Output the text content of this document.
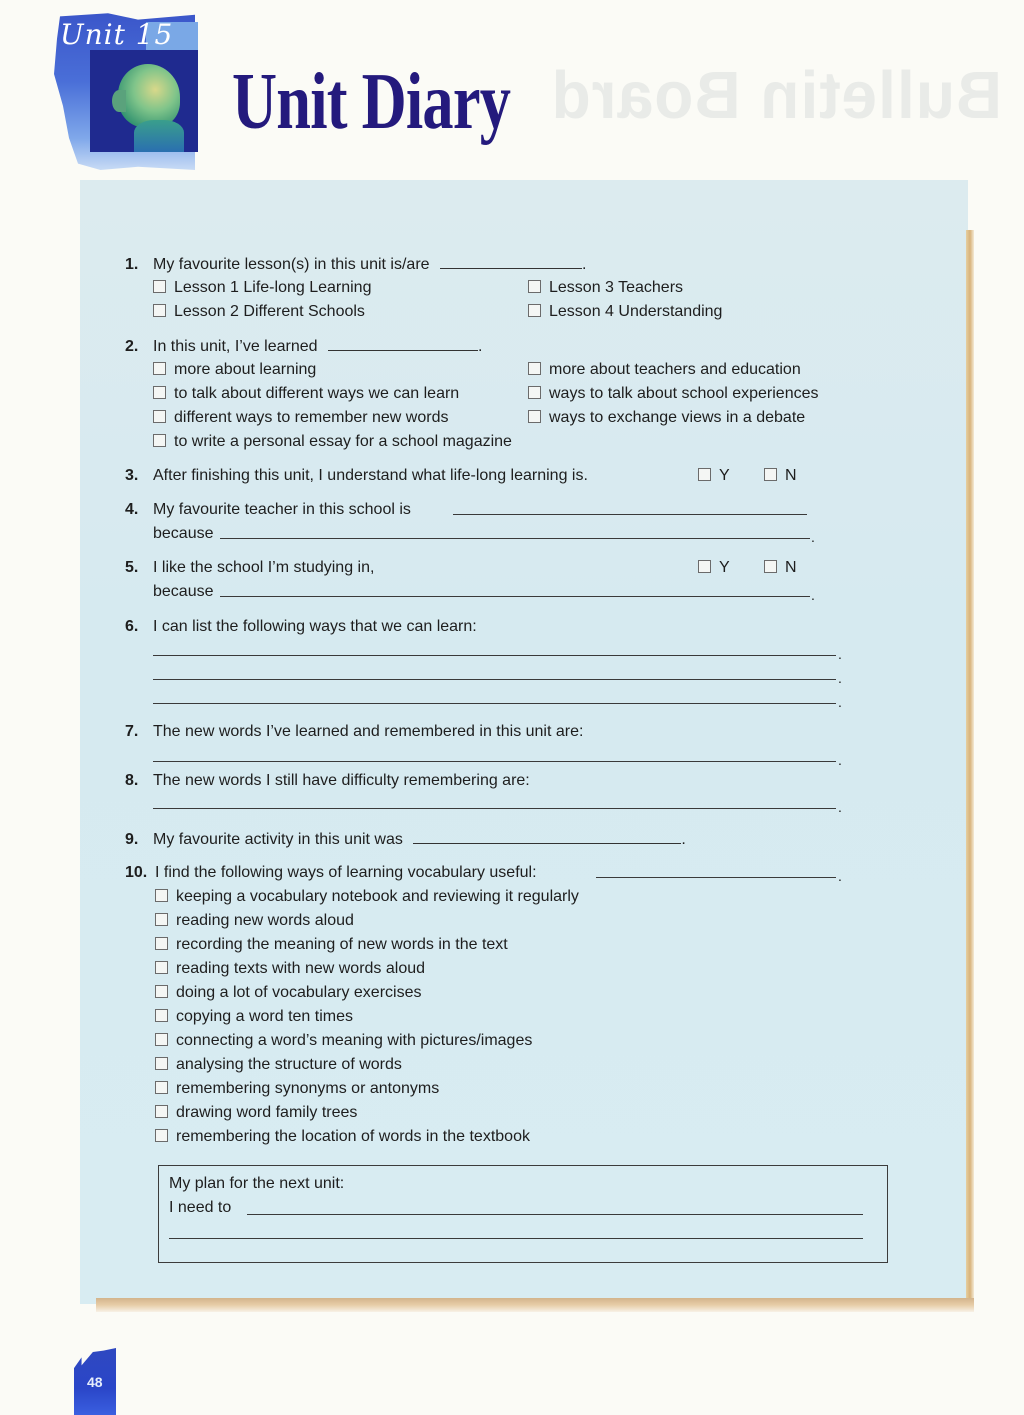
Bulletin Board
Unit 15
Unit Diary
1. My favourite lesson(s) in this unit is/are	.
Lesson 1 Life-long Learning	Lesson 3 Teachers
Lesson 2 Different Schools	Lesson 4 Understanding
2. In this unit, I’ve learned	.
more about learning	more about teachers and education
to talk about different ways we can learn	ways to talk about school experiences
different ways to remember new words	ways to exchange views in a debate
to write a personal essay for a school magazine
3. After finishing this unit, I understand what life-long learning is.	Y	N
4. My favourite teacher in this school is
because	.
5. I like the school I’m studying in,	Y	N
because	.
6. I can list the following ways that we can learn:
.
.
.
7. The new words I’ve learned and remembered in this unit are:
.
8. The new words I still have difficulty remembering are:
.
9. My favourite activity in this unit was	.
10. I find the following ways of learning vocabulary useful:	.
keeping a vocabulary notebook and reviewing it regularly
reading new words aloud
recording the meaning of new words in the text
reading texts with new words aloud
doing a lot of vocabulary exercises
copying a word ten times
connecting a word’s meaning with pictures/images
analysing the structure of words
remembering synonyms or antonyms
drawing word family trees
remembering the location of words in the textbook
My plan for the next unit:
I need to
48
